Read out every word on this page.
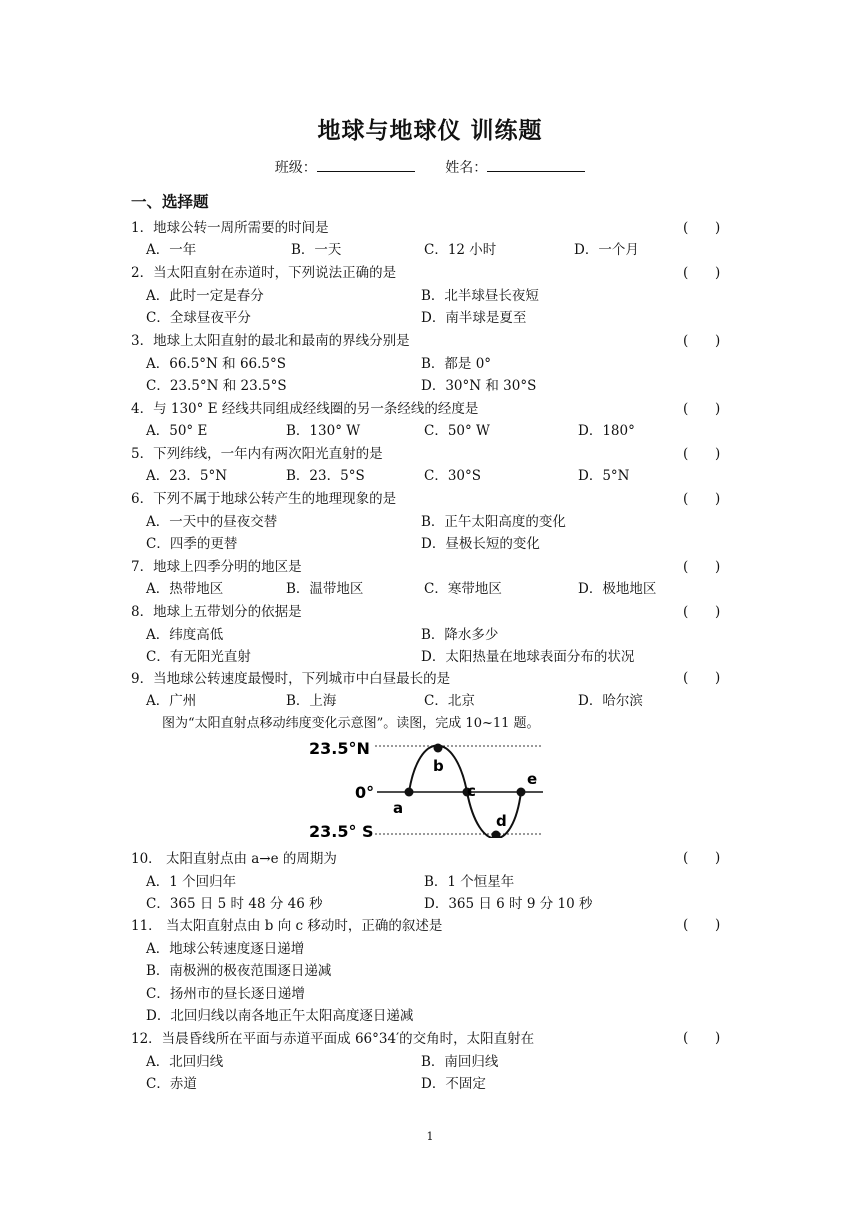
地球与地球仪 训练题
班级：	姓名：
一、选择题
1．地球公转一周所需要的时间是	( )
A．一年	B．一天	C．12 小时	D．一个月
2．当太阳直射在赤道时，下列说法正确的是	( )
A．此时一定是春分	B．北半球昼长夜短
C．全球昼夜平分	D．南半球是夏至
3．地球上太阳直射的最北和最南的界线分别是	( )
A．66.5°N 和 66.5°S	B．都是 0°
C．23.5°N 和 23.5°S	D．30°N 和 30°S
4．与 130° E 经线共同组成经线圈的另一条经线的经度是	( )
A．50° E	B．130° W	C．50° W	D．180°
5．下列纬线，一年内有两次阳光直射的是	( )
A．23．5°N	B．23．5°S	C．30°S	D．5°N
6．下列不属于地球公转产生的地理现象的是	( )
A．一天中的昼夜交替	B．正午太阳高度的变化
C．四季的更替	D．昼极长短的变化
7．地球上四季分明的地区是	( )
A．热带地区	B．温带地区	C．寒带地区	D．极地地区
8．地球上五带划分的依据是	( )
A．纬度高低	B．降水多少
C．有无阳光直射	D．太阳热量在地球表面分布的状况
9．当地球公转速度最慢时，下列城市中白昼最长的是	( )
A．广州	B．上海	C．北京	D．哈尔滨
图为“太阳直射点移动纬度变化示意图”。读图，完成 10~11 题。
23.5°N
0°
23.5° S
a
b
c
d
e
10． 太阳直射点由 a→e 的周期为	( )
A．1 个回归年	B．1 个恒星年
C．365 日 5 时 48 分 46 秒	D．365 日 6 时 9 分 10 秒
11． 当太阳直射点由 b 向 c 移动时，正确的叙述是	( )
A．地球公转速度逐日递增
B．南极洲的极夜范围逐日递减
C．扬州市的昼长逐日递增
D．北回归线以南各地正午太阳高度逐日递减
12．当晨昏线所在平面与赤道平面成 66°34′的交角时，太阳直射在	( )
A．北回归线	B．南回归线
C．赤道	D．不固定
1
